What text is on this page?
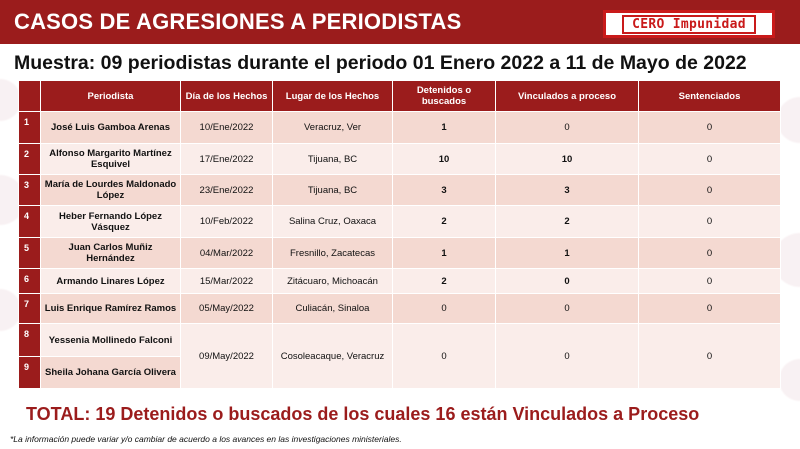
CASOS DE AGRESIONES A PERIODISTAS	CERO Impunidad
Muestra: 09 periodistas durante el periodo 01 Enero 2022 a 11 de Mayo de 2022
	Periodista	Día de los Hechos	Lugar de los Hechos	Detenidos o buscados	Vinculados a proceso	Sentenciados
1	José Luis Gamboa Arenas	10/Ene/2022	Veracruz, Ver	1	0	0
2	Alfonso Margarito Martínez Esquivel	17/Ene/2022	Tijuana, BC	10	10	0
3	María de Lourdes Maldonado López	23/Ene/2022	Tijuana, BC	3	3	0
4	Heber Fernando López Vásquez	10/Feb/2022	Salina Cruz, Oaxaca	2	2	0
5	Juan Carlos Muñiz Hernández	04/Mar/2022	Fresnillo, Zacatecas	1	1	0
6	Armando Linares López	15/Mar/2022	Zitácuaro, Michoacán	2	0	0
7	Luis Enrique Ramírez Ramos	05/May/2022	Culiacán, Sinaloa	0	0	0
8	Yessenia Mollinedo Falconi	09/May/2022	Cosoleacaque, Veracruz	0	0	0
9	Sheila Johana García Olivera					
TOTAL: 19 Detenidos o buscados de los cuales 16 están Vinculados a Proceso
*La información puede variar y/o cambiar de acuerdo a los avances en las investigaciones ministeriales.
